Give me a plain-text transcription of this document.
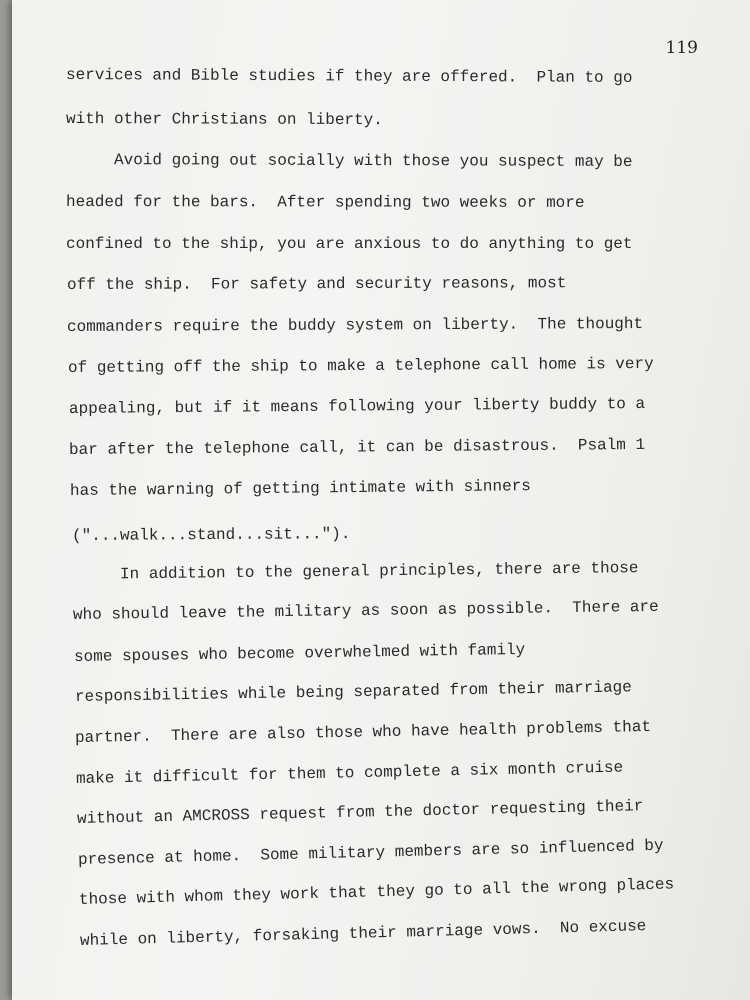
119
services and Bible studies if they are offered.  Plan to go
with other Christians on liberty.
Avoid going out socially with those you suspect may be
headed for the bars.  After spending two weeks or more
confined to the ship, you are anxious to do anything to get
off the ship.  For safety and security reasons, most
commanders require the buddy system on liberty.  The thought
of getting off the ship to make a telephone call home is very
appealing, but if it means following your liberty buddy to a
bar after the telephone call, it can be disastrous.  Psalm 1
has the warning of getting intimate with sinners
("...walk...stand...sit...").
In addition to the general principles, there are those
who should leave the military as soon as possible.  There are
some spouses who become overwhelmed with family
responsibilities while being separated from their marriage
partner.  There are also those who have health problems that
make it difficult for them to complete a six month cruise
without an AMCROSS request from the doctor requesting their
presence at home.  Some military members are so influenced by
those with whom they work that they go to all the wrong places
while on liberty, forsaking their marriage vows.  No excuse
